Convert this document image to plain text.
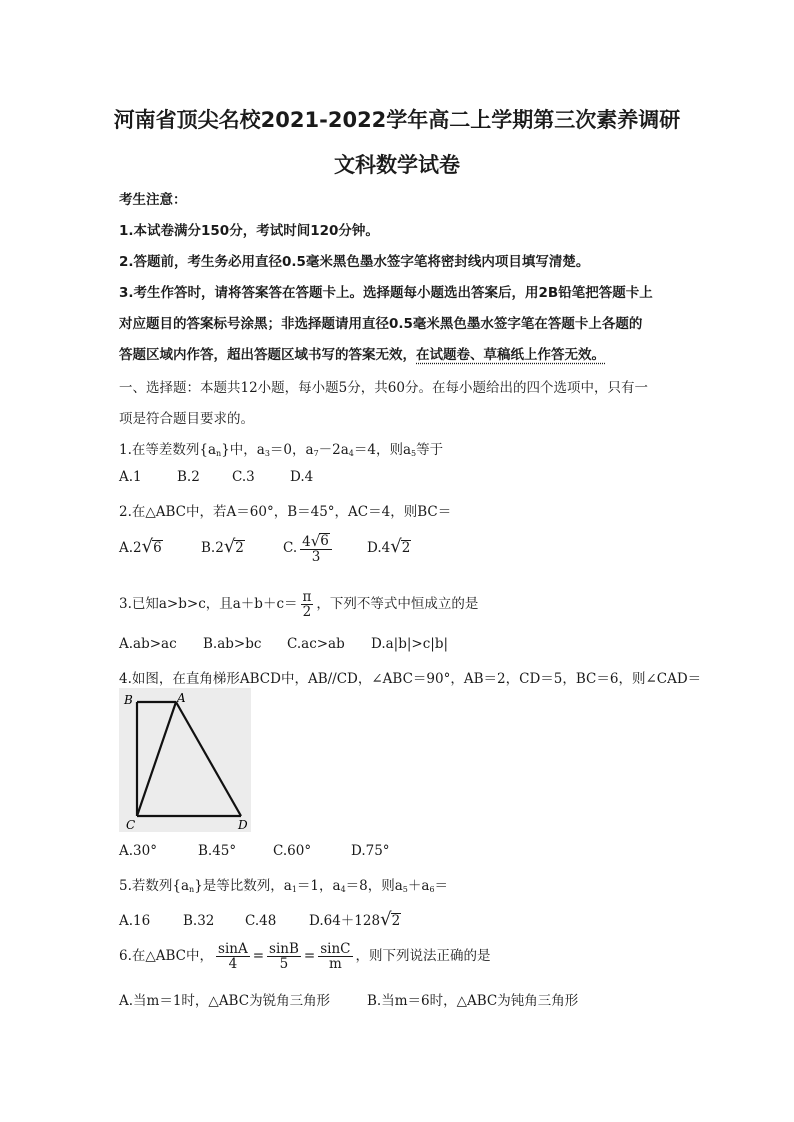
河南省顶尖名校2021-2022学年高二上学期第三次素养调研
文科数学试卷
考生注意：
1.本试卷满分150分，考试时间120分钟。
2.答题前，考生务必用直径0.5毫米黑色墨水签字笔将密封线内项目填写清楚。
3.考生作答时，请将答案答在答题卡上。选择题每小题选出答案后，用2B铅笔把答题卡上
对应题目的答案标号涂黑；非选择题请用直径0.5毫米黑色墨水签字笔在答题卡上各题的
答题区域内作答，超出答题区域书写的答案无效，在试题卷、草稿纸上作答无效。
一、选择题：本题共12小题，每小题5分，共60分。在每小题给出的四个选项中，只有一
项是符合题目要求的。
1.在等差数列$\{a_n\}$中，$a_3=0$，$a_7-2a_4=4$，则$a_5$等于
A.1	B.2 C.3	D.4
2.在△ABC中，若A＝60°，B＝45°，AC＝4，则BC＝
A.2 √ 6	B.2 √ 2	C. $\frac{4 √ 6}{3}$	D.4 √ 2
3.已知a>b>c，且$a+b+c= \frac{\pi}{2}$ ，下列不等式中恒成立的是
A.ab>ac B.ab>bc C.ac>ab D.a|b|>c|b|
4.如图，在直角梯形ABCD中，AB//CD，∠ABC＝90°，AB＝2，CD＝5，BC＝6，则∠CAD＝
B	A
C	D
A.30°	B.45°	C.60°	D.75°
5.若数列$\{a_n\}$是等比数列，$a_1=1$，$a_4=8$，则$a_5+a_6=$
A.16 B.32 C.48 D.64＋128 √ 2
6.在△ABC中， $\frac{\sin A}{4} = \frac{\sin B}{5} = \frac{\sin C}{m}$ ，则下列说法正确的是
A.当m＝1时，△ABC为锐角三角形	B.当m＝6时，△ABC为钝角三角形
